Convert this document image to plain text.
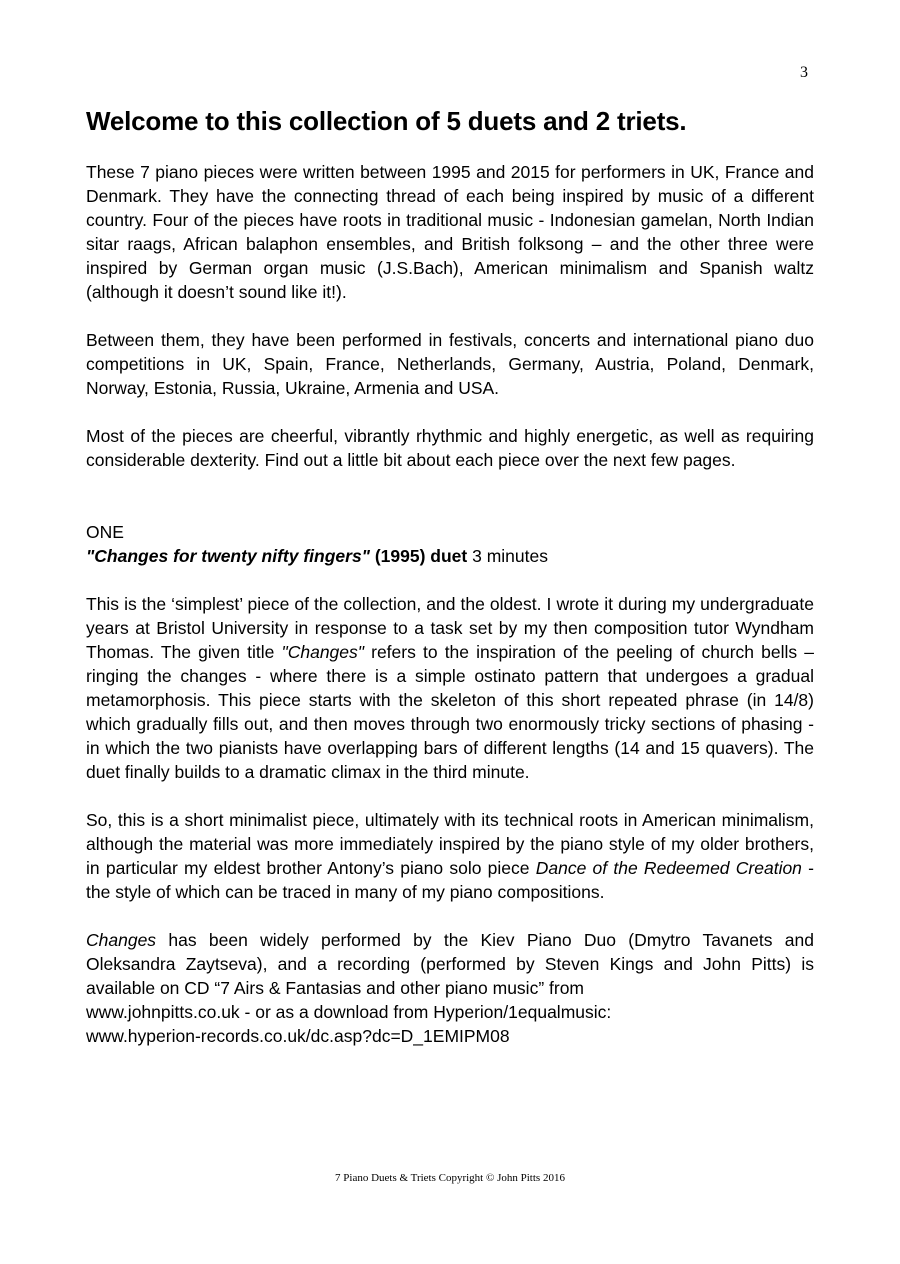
3
Welcome to this collection of 5 duets and 2 triets.

These 7 piano pieces were written between 1995 and 2015 for performers in UK, France and Denmark. They have the connecting thread of each being inspired by music of a different country. Four of the pieces have roots in traditional music - Indonesian gamelan, North Indian sitar raags, African balaphon ensembles, and British folksong – and the other three were inspired by German organ music (J.S.Bach), American minimalism and Spanish waltz (although it doesn’t sound like it!).

Between them, they have been performed in festivals, concerts and international piano duo competitions in UK, Spain, France, Netherlands, Germany, Austria, Poland, Denmark, Norway, Estonia, Russia, Ukraine, Armenia and USA.

Most of the pieces are cheerful, vibrantly rhythmic and highly energetic, as well as requiring considerable dexterity. Find out a little bit about each piece over the next few pages.

ONE
"Changes for twenty nifty fingers" (1995) duet 3 minutes

This is the ‘simplest’ piece of the collection, and the oldest. I wrote it during my undergraduate years at Bristol University in response to a task set by my then composition tutor Wyndham Thomas. The given title "Changes" refers to the inspiration of the peeling of church bells – ringing the changes - where there is a simple ostinato pattern that undergoes a gradual metamorphosis. This piece starts with the skeleton of this short repeated phrase (in 14/8) which gradually fills out, and then moves through two enormously tricky sections of phasing - in which the two pianists have overlapping bars of different lengths (14 and 15 quavers). The duet finally builds to a dramatic climax in the third minute.

So, this is a short minimalist piece, ultimately with its technical roots in American minimalism, although the material was more immediately inspired by the piano style of my older brothers, in particular my eldest brother Antony’s piano solo piece Dance of the Redeemed Creation - the style of which can be traced in many of my piano compositions.

Changes has been widely performed by the Kiev Piano Duo (Dmytro Tavanets and Oleksandra Zaytseva), and a recording (performed by Steven Kings and John Pitts) is available on CD “7 Airs & Fantasias and other piano music” from

www.johnpitts.co.uk - or as a download from Hyperion/1equalmusic:
www.hyperion-records.co.uk/dc.asp?dc=D_1EMIPM08
7 Piano Duets & Triets Copyright © John Pitts 2016
